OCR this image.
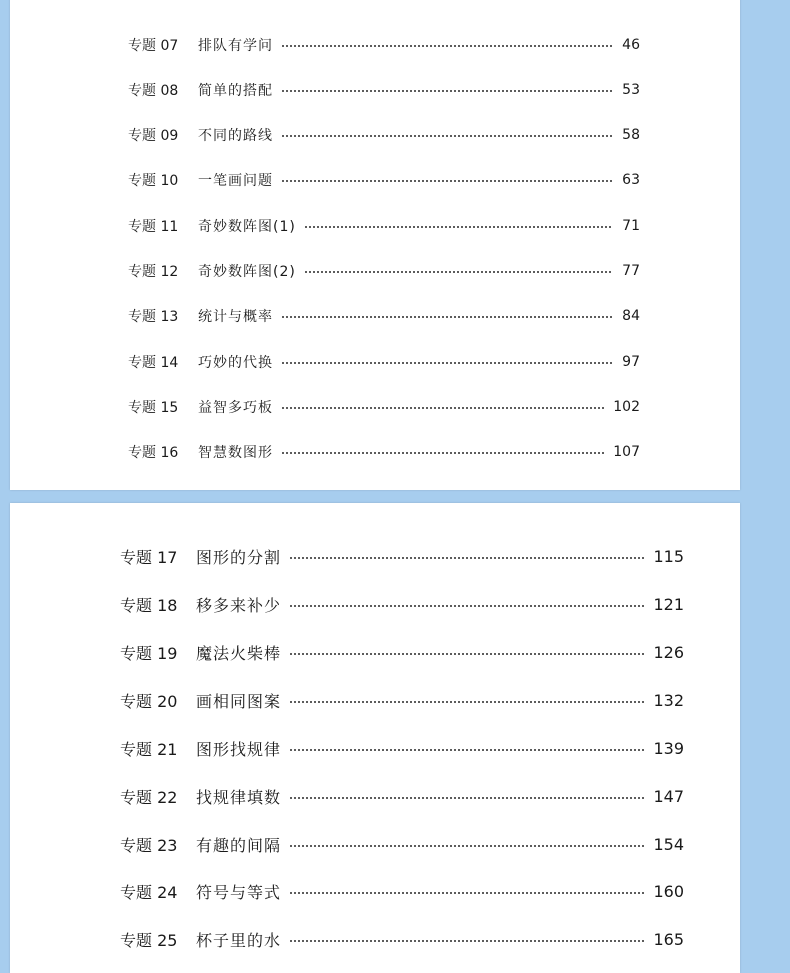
专题 07	排队有学问	46
专题 08	简单的搭配	53
专题 09	不同的路线	58
专题 10	一笔画问题	63
专题 11	奇妙数阵图(1)	71
专题 12	奇妙数阵图(2)	77
专题 13	统计与概率	84
专题 14	巧妙的代换	97
专题 15	益智多巧板	102
专题 16	智慧数图形	107
专题 17	图形的分割	115
专题 18	移多来补少	121
专题 19	魔法火柴棒	126
专题 20	画相同图案	132
专题 21	图形找规律	139
专题 22	找规律填数	147
专题 23	有趣的间隔	154
专题 24	符号与等式	160
专题 25	杯子里的水	165
